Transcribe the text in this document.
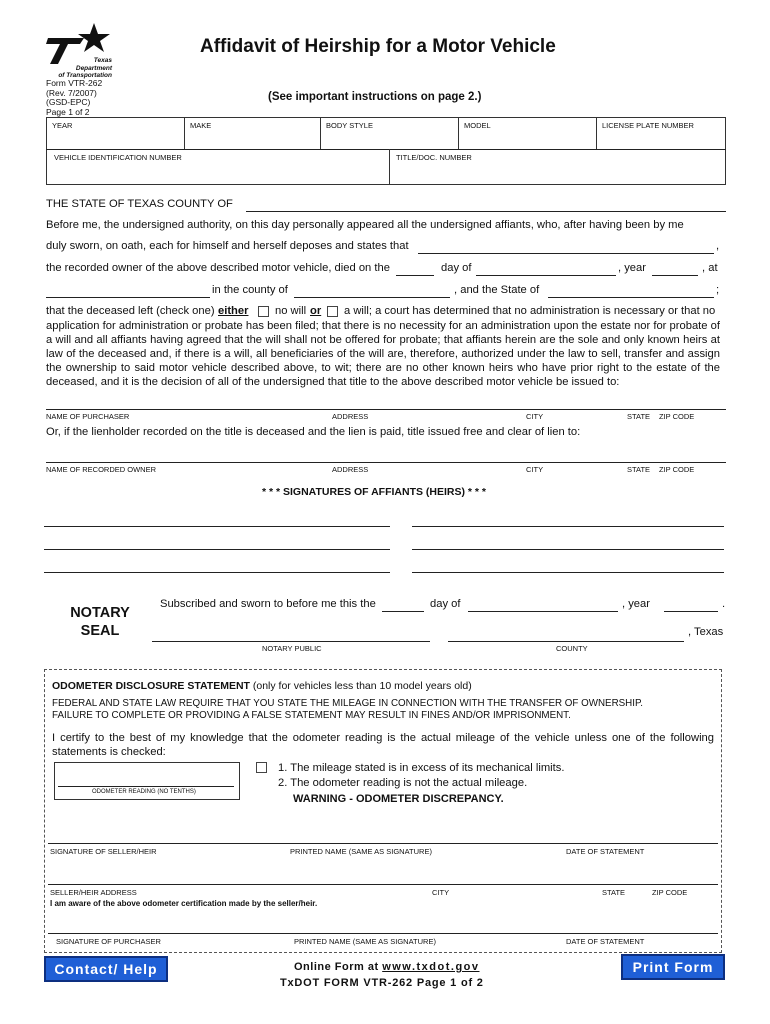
Texas
Department
of Transportation
Form VTR-262
(Rev. 7/2007)
(GSD-EPC)
Page 1 of 2
Affidavit of Heirship for a Motor Vehicle
(See important instructions on page 2.)
YEAR	MAKE	BODY STYLE	MODEL	LICENSE PLATE NUMBER
VEHICLE IDENTIFICATION NUMBER	TITLE/DOC. NUMBER
THE STATE OF TEXAS COUNTY OF
Before me, the undersigned authority, on this day personally appeared all the undersigned affiants, who, after having been by me
duly sworn, on oath, each for himself and herself deposes and states that	,
the recorded owner of the above described motor vehicle, died on the	day of	, year	, at
in the county of	, and the State of	;
that the deceased left (check one) either no will or a will; a court has determined that no administration is necessary or that no
application for administration or probate has been filed; that there is no necessity for an administration upon the estate nor for probate of a will and all affiants having agreed that the will shall not be offered for probate; that affiants herein are the sole and only known heirs at law of the deceased and, if there is a will, all beneficiaries of the will are, therefore, authorized under the law to sell, transfer and assign the ownership to said motor vehicle described above, to wit; there are no other known heirs who have prior right to the estate of the deceased, and it is the decision of all of the undersigned that title to the above described motor vehicle be issued to:
NAME OF PURCHASER	ADDRESS	CITY	STATE ZIP CODE
Or, if the lienholder recorded on the title is deceased and the lien is paid, title issued free and clear of lien to:
NAME OF RECORDED OWNER	ADDRESS	CITY	STATE ZIP CODE
* * * SIGNATURES OF AFFIANTS (HEIRS) * * *
NOTARY
SEAL
Subscribed and sworn to before me this the	day of	, year	.
, Texas
NOTARY PUBLIC	COUNTY
ODOMETER DISCLOSURE STATEMENT (only for vehicles less than 10 model years old)
FEDERAL AND STATE LAW REQUIRE THAT YOU STATE THE MILEAGE IN CONNECTION WITH THE TRANSFER OF OWNERSHIP.
FAILURE TO COMPLETE OR PROVIDING A FALSE STATEMENT MAY RESULT IN FINES AND/OR IMPRISONMENT.
I certify to the best of my knowledge that the odometer reading is the actual mileage of the vehicle unless one of the following statements is checked:
ODOMETER READING (NO TENTHS)
1. The mileage stated is in excess of its mechanical limits.
2. The odometer reading is not the actual mileage.
WARNING - ODOMETER DISCREPANCY.
SIGNATURE OF SELLER/HEIR	PRINTED NAME (SAME AS SIGNATURE)	DATE OF STATEMENT
SELLER/HEIR ADDRESS	CITY	STATE	ZIP CODE
I am aware of the above odometer certification made by the seller/heir.
SIGNATURE OF PURCHASER	PRINTED NAME (SAME AS SIGNATURE)	DATE OF STATEMENT
Contact/ Help	Print Form
Online Form at www.txdot.gov
TxDOT FORM VTR-262 Page 1 of 2
